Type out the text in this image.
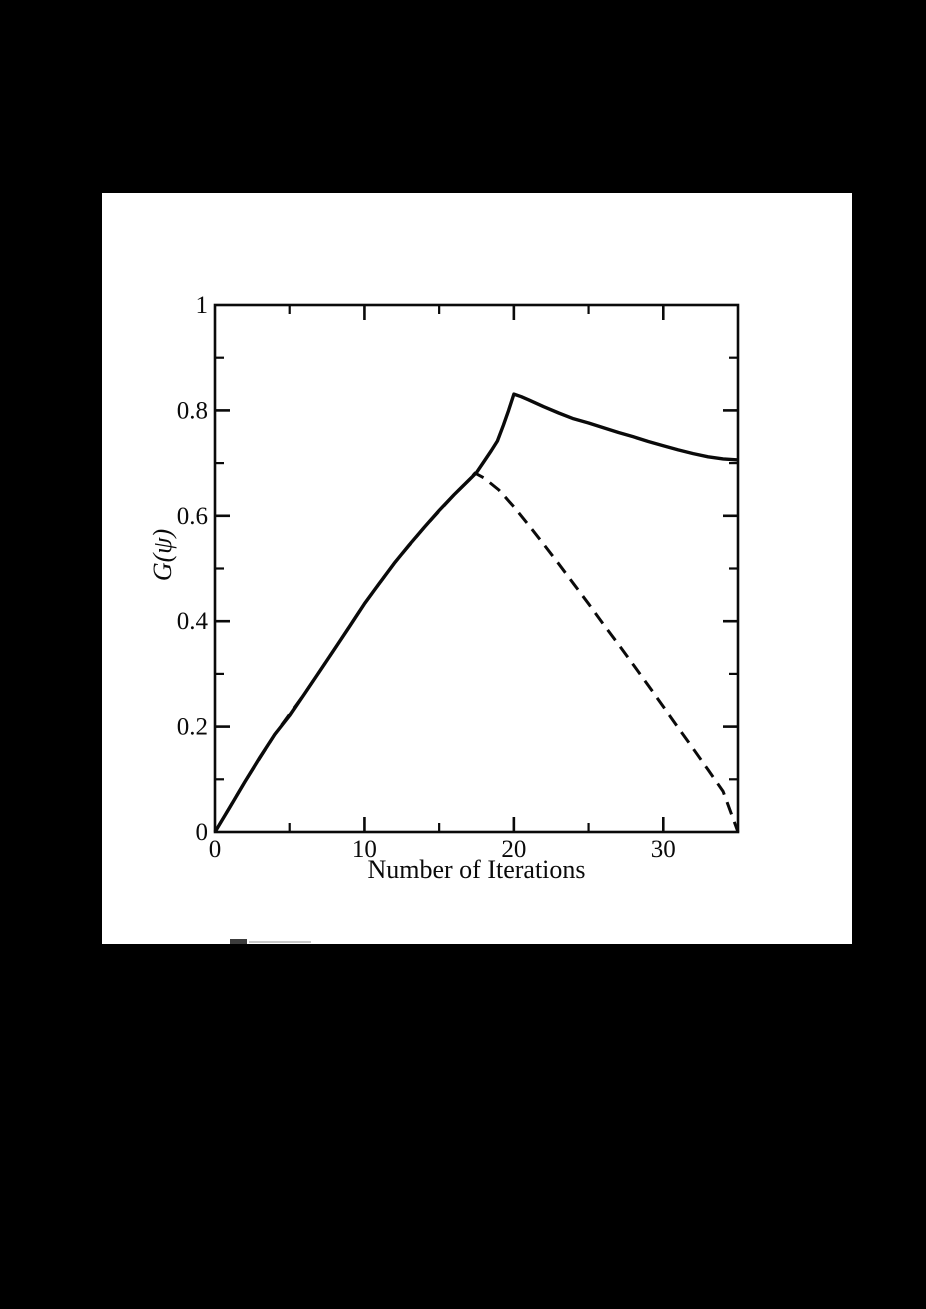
0	10	20	30
0
0.2
0.4
0.6
0.8
1
Number of Iterations
G(ψ)
